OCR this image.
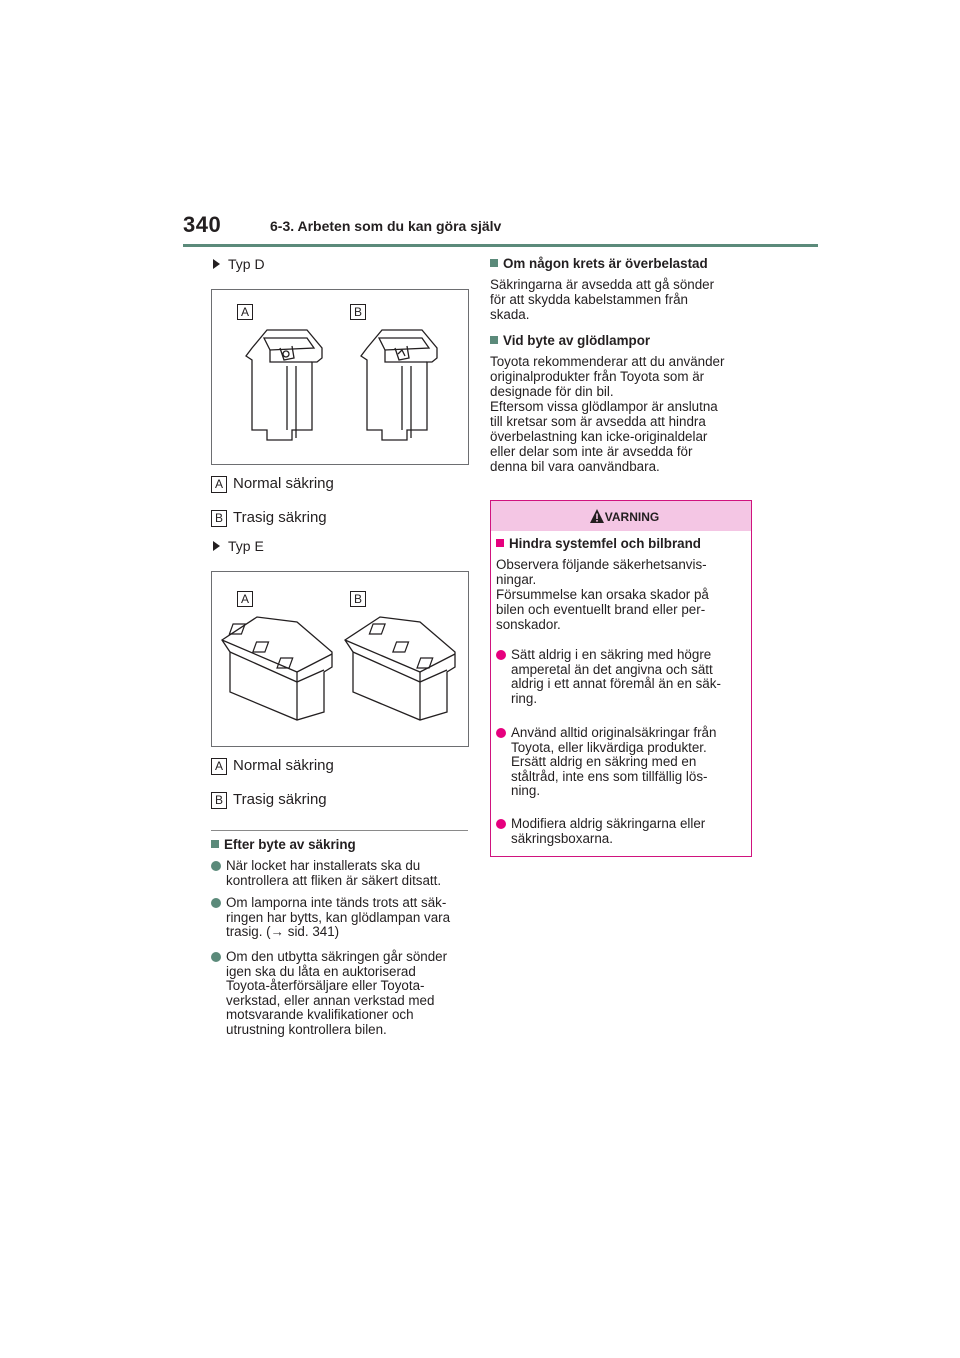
340	6-3. Arbeten som du kan göra själv
Typ D
A	B
A Normal säkring
B Trasig säkring
Typ E
A	B
A Normal säkring
B Trasig säkring
Efter byte av säkring
När locket har installerats ska du
kontrollera att fliken är säkert ditsatt.
Om lamporna inte tänds trots att säk-
ringen har bytts, kan glödlampan vara
trasig. (→ sid. 341)
Om den utbytta säkringen går sönder
igen ska du låta en auktoriserad
Toyota-återförsäljare eller Toyota-
verkstad, eller annan verkstad med
motsvarande kvalifikationer och
utrustning kontrollera bilen.
Om någon krets är överbelastad
Säkringarna är avsedda att gå sönder
för att skydda kabelstammen från
skada.
Vid byte av glödlampor
Toyota rekommenderar att du använder
originalprodukter från Toyota som är
designade för din bil.
Eftersom vissa glödlampor är anslutna
till kretsar som är avsedda att hindra
överbelastning kan icke-originaldelar
eller delar som inte är avsedda för
denna bil vara oanvändbara.
VARNING
Hindra systemfel och bilbrand
Observera följande säkerhetsanvis-
ningar.
Försummelse kan orsaka skador på
bilen och eventuellt brand eller per-
sonskador.
Sätt aldrig i en säkring med högre
amperetal än det angivna och sätt
aldrig i ett annat föremål än en säk-
ring.
Använd alltid originalsäkringar från
Toyota, eller likvärdiga produkter.
Ersätt aldrig en säkring med en
ståltråd, inte ens som tillfällig lös-
ning.
Modifiera aldrig säkringarna eller
säkringsboxarna.
